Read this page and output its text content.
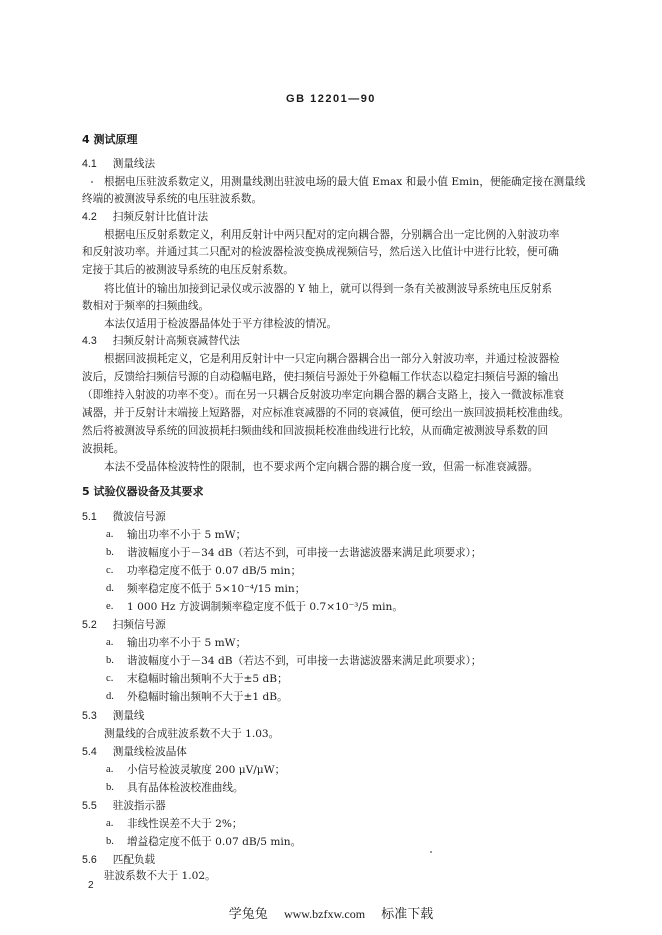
GB 12201—90
4 测试原理
4.1 测量线法
根据电压驻波系数定义，用测量线测出驻波电场的最大值 Emax 和最小值 Emin，便能确定接在测量线
终端的被测波导系统的电压驻波系数。
4.2 扫频反射计比值计法
根据电压反射系数定义，利用反射计中两只配对的定向耦合器，分别耦合出一定比例的入射波功率
和反射波功率。并通过其二只配对的检波器检波变换成视频信号，然后送入比值计中进行比较，便可确
定接于其后的被测波导系统的电压反射系数。
将比值计的输出加接到记录仪或示波器的 Y 轴上，就可以得到一条有关被测波导系统电压反射系
数相对于频率的扫频曲线。
本法仅适用于检波器晶体处于平方律检波的情况。
4.3 扫频反射计高频衰减替代法
根据回波损耗定义，它是利用反射计中一只定向耦合器耦合出一部分入射波功率，并通过检波器检
波后，反馈给扫频信号源的自动稳幅电路，使扫频信号源处于外稳幅工作状态以稳定扫频信号源的输出
（即维持入射波的功率不变）。而在另一只耦合反射波功率定向耦合器的耦合支路上，接入一微波标准衰
减器，并于反射计末端接上短路器，对应标准衰减器的不同的衰减值，便可绘出一族回波损耗校准曲线。
然后将被测波导系统的回波损耗扫频曲线和回波损耗校准曲线进行比较，从而确定被测波导系数的回
波损耗。
本法不受晶体检波特性的限制，也不要求两个定向耦合器的耦合度一致，但需一标准衰减器。
5 试验仪器设备及其要求
5.1 微波信号源
a. 输出功率不小于 5 mW；
b. 谐波幅度小于－34 dB（若达不到，可串接一去谐滤波器来满足此项要求）；
c. 功率稳定度不低于 0.07 dB/5 min；
d. 频率稳定度不低于 5×10⁻⁴/15 min；
e. 1 000 Hz 方波调制频率稳定度不低于 0.7×10⁻³/5 min。
5.2 扫频信号源
a. 输出功率不小于 5 mW；
b. 谐波幅度小于－34 dB（若达不到，可串接一去谐滤波器来满足此项要求）；
c. 末稳幅时输出频响不大于±5 dB；
d. 外稳幅时输出频响不大于±1 dB。
5.3 测量线
测量线的合成驻波系数不大于 1.03。
5.4 测量线检波晶体
a. 小信号检波灵敏度 200 μV/μW；
b. 具有晶体检波校准曲线。
5.5 驻波指示器
a. 非线性误差不大于 2%；
b. 增益稳定度不低于 0.07 dB/5 min。
5.6 匹配负载
驻波系数不大于 1.02。
2
学兔兔 www.bzfxw.com 标准下载
